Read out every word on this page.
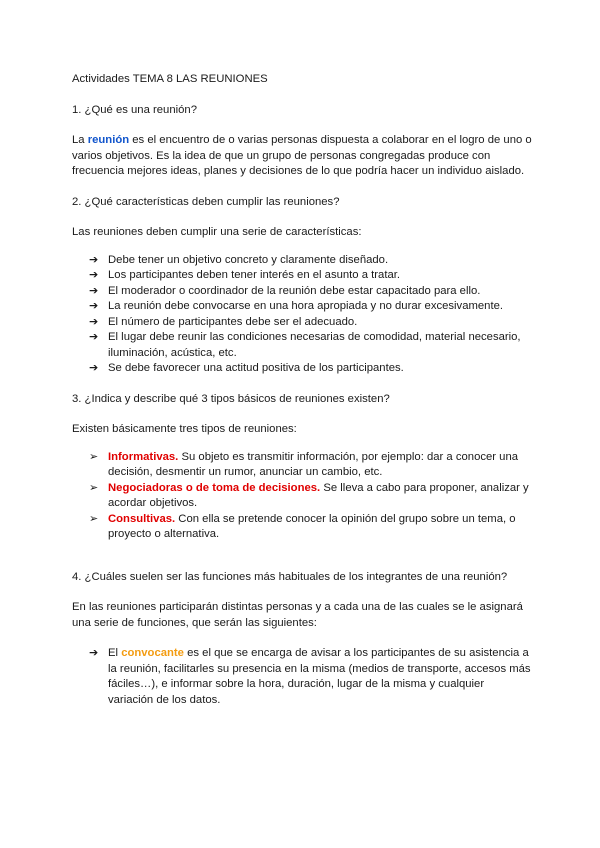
Actividades TEMA 8 LAS REUNIONES

1. ¿Qué es una reunión?

La reunión es el encuentro de o varias personas dispuesta a colaborar en el logro de uno o varios objetivos. Es la idea de que un grupo de personas congregadas produce con frecuencia mejores ideas, planes y decisiones de lo que podría hacer un individuo aislado.

2. ¿Qué características deben cumplir las reuniones?

Las reuniones deben cumplir una serie de características:

➔ Debe tener un objetivo concreto y claramente diseñado.
➔ Los participantes deben tener interés en el asunto a tratar.
➔ El moderador o coordinador de la reunión debe estar capacitado para ello.
➔ La reunión debe convocarse en una hora apropiada y no durar excesivamente.
➔ El número de participantes debe ser el adecuado.
➔ El lugar debe reunir las condiciones necesarias de comodidad, material necesario, iluminación, acústica, etc.
➔ Se debe favorecer una actitud positiva de los participantes.

3. ¿Indica y describe qué 3 tipos básicos de reuniones existen?

Existen básicamente tres tipos de reuniones:

➢ Informativas. Su objeto es transmitir información, por ejemplo: dar a conocer una decisión, desmentir un rumor, anunciar un cambio, etc.
➢ Negociadoras o de toma de decisiones. Se lleva a cabo para proponer, analizar y acordar objetivos.
➢ Consultivas. Con ella se pretende conocer la opinión del grupo sobre un tema, o proyecto o alternativa.

4. ¿Cuáles suelen ser las funciones más habituales de los integrantes de una reunión?

En las reuniones participarán distintas personas y a cada una de las cuales se le asignará una serie de funciones, que serán las siguientes:

➔ El convocante es el que se encarga de avisar a los participantes de su asistencia a la reunión, facilitarles su presencia en la misma (medios de transporte, accesos más fáciles…), e informar sobre la hora, duración, lugar de la misma y cualquier variación de los datos.
